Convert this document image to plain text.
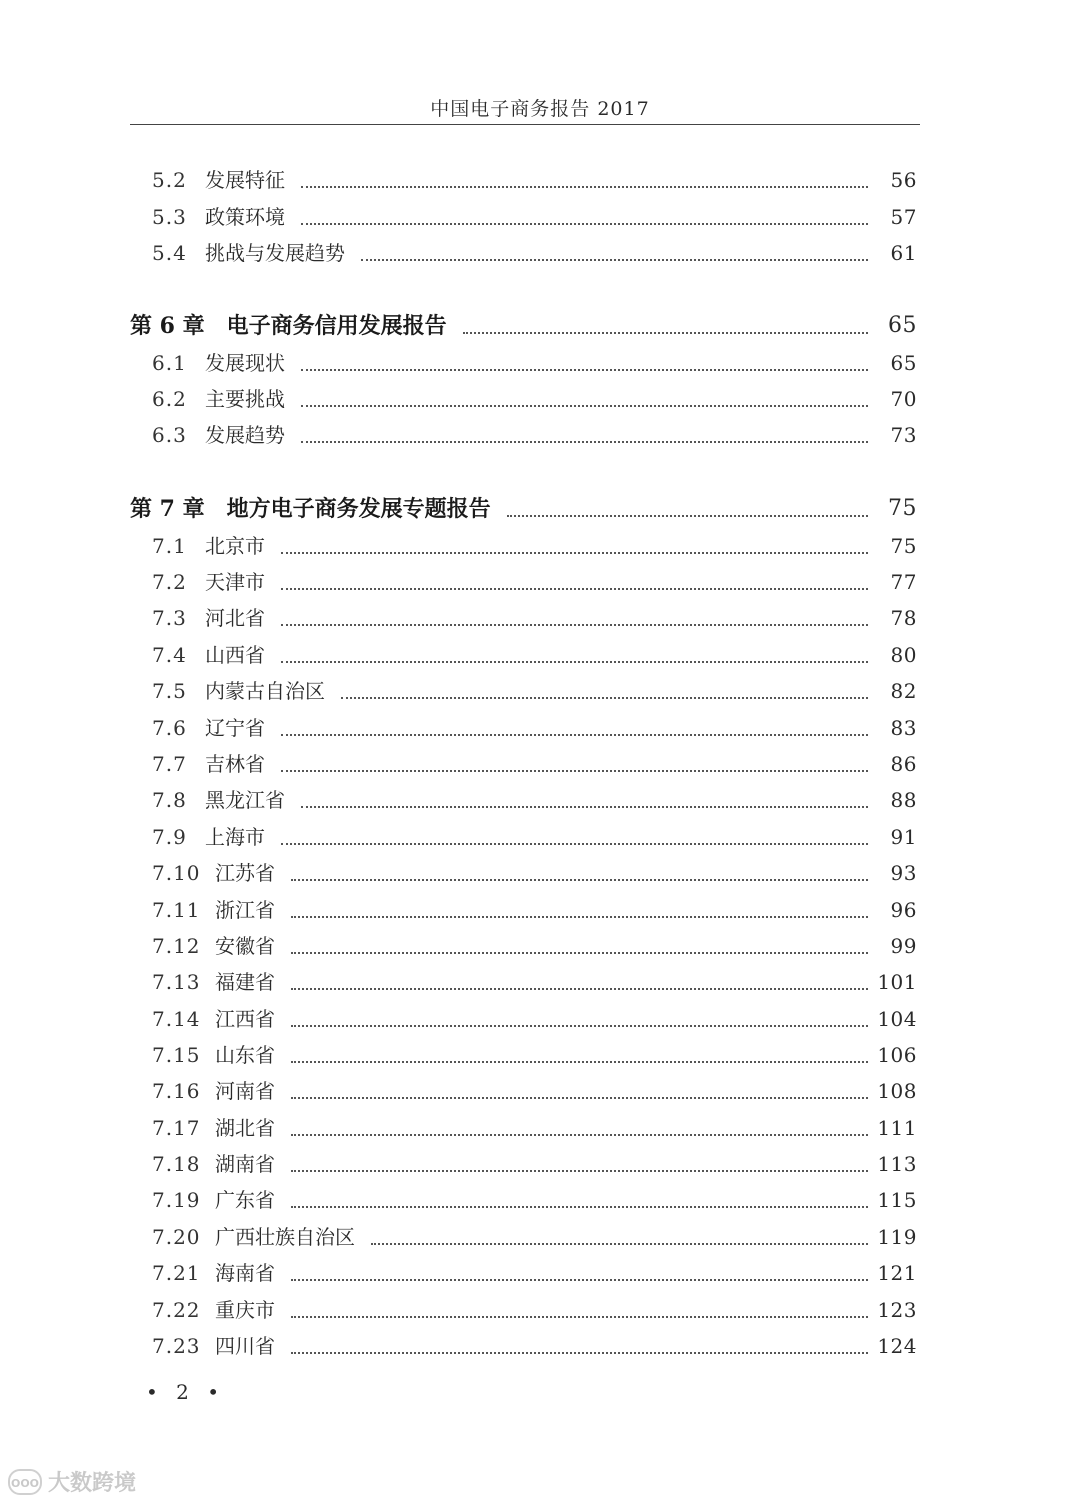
中国电子商务报告 2017
5.2 发展特征	56
5.3 政策环境	57
5.4 挑战与发展趋势	61
第 6 章 电子商务信用发展报告	65
6.1 发展现状	65
6.2 主要挑战	70
6.3 发展趋势	73
第 7 章 地方电子商务发展专题报告	75
7.1 北京市	75
7.2 天津市	77
7.3 河北省	78
7.4 山西省	80
7.5 内蒙古自治区	82
7.6 辽宁省	83
7.7 吉林省	86
7.8 黑龙江省	88
7.9 上海市	91
7.10 江苏省	93
7.11 浙江省	96
7.12 安徽省	99
7.13 福建省	101
7.14 江西省	104
7.15 山东省	106
7.16 河南省	108
7.17 湖北省	111
7.18 湖南省	113
7.19 广东省	115
7.20 广西壮族自治区	119
7.21 海南省	121
7.22 重庆市	123
7.23 四川省	124
• 2 •
OOO 大数跨境
